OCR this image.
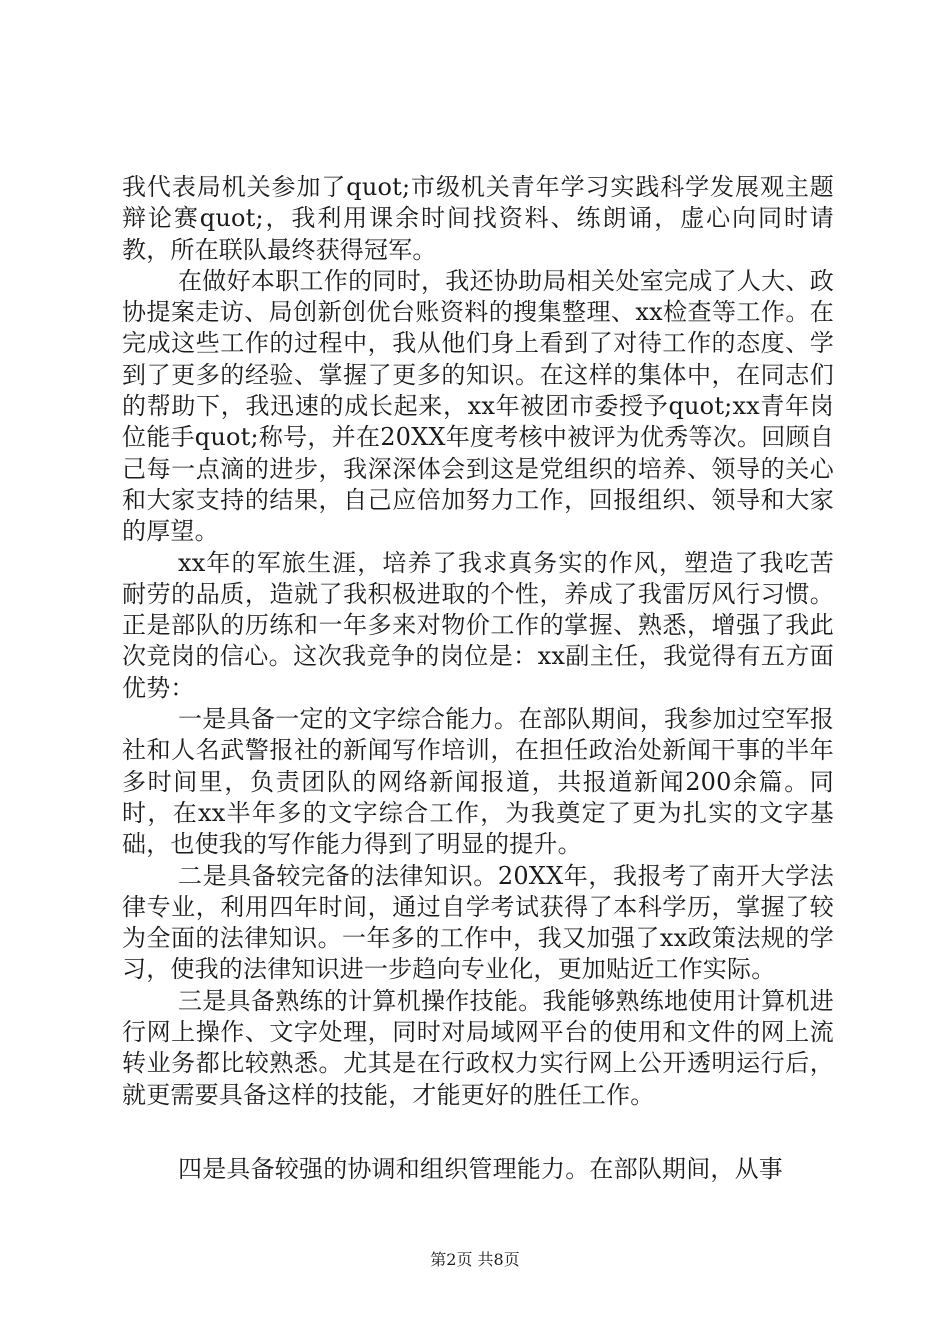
我代表局机关参加了quot;市级机关青年学习实践科学发展观主题辩论赛quot;，我利用课余时间找资料、练朗诵，虚心向同时请教，所在联队最终获得冠军。

在做好本职工作的同时，我还协助局相关处室完成了人大、政协提案走访、局创新创优台账资料的搜集整理、xx检查等工作。在完成这些工作的过程中，我从他们身上看到了对待工作的态度、学到了更多的经验、掌握了更多的知识。在这样的集体中，在同志们的帮助下，我迅速的成长起来，xx年被团市委授予quot;xx青年岗位能手quot;称号，并在20XX年度考核中被评为优秀等次。回顾自己每一点滴的进步，我深深体会到这是党组织的培养、领导的关心和大家支持的结果，自己应倍加努力工作，回报组织、领导和大家的厚望。

xx年的军旅生涯，培养了我求真务实的作风，塑造了我吃苦耐劳的品质，造就了我积极进取的个性，养成了我雷厉风行习惯。正是部队的历练和一年多来对物价工作的掌握、熟悉，增强了我此次竞岗的信心。这次我竞争的岗位是：xx副主任，我觉得有五方面优势：

一是具备一定的文字综合能力。在部队期间，我参加过空军报社和人名武警报社的新闻写作培训，在担任政治处新闻干事的半年多时间里，负责团队的网络新闻报道，共报道新闻200余篇。同时，在xx半年多的文字综合工作，为我奠定了更为扎实的文字基础，也使我的写作能力得到了明显的提升。

二是具备较完备的法律知识。20XX年，我报考了南开大学法律专业，利用四年时间，通过自学考试获得了本科学历，掌握了较为全面的法律知识。一年多的工作中，我又加强了xx政策法规的学习，使我的法律知识进一步趋向专业化，更加贴近工作实际。

三是具备熟练的计算机操作技能。我能够熟练地使用计算机进行网上操作、文字处理，同时对局域网平台的使用和文件的网上流转业务都比较熟悉。尤其是在行政权力实行网上公开透明运行后，就更需要具备这样的技能，才能更好的胜任工作。

四是具备较强的协调和组织管理能力。在部队期间，从事

第2页 共8页
